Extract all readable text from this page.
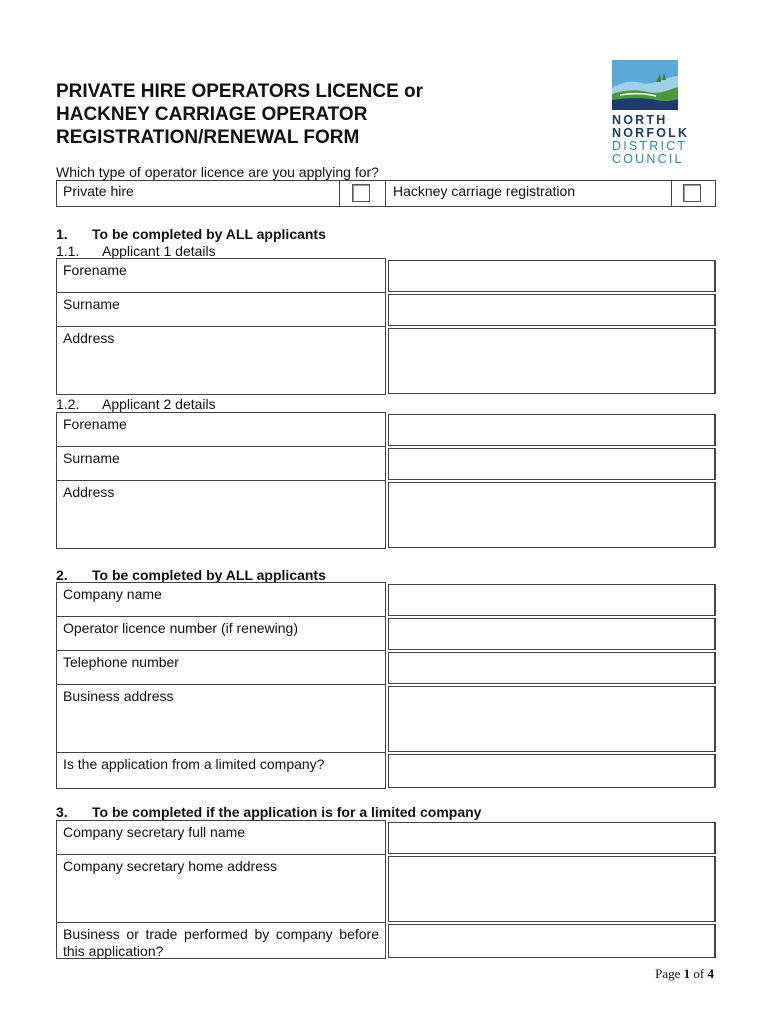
PRIVATE HIRE OPERATORS LICENCE or
HACKNEY CARRIAGE OPERATOR
REGISTRATION/RENEWAL FORM
NORTH
NORFOLK
DISTRICT
COUNCIL
Which type of operator licence are you applying for?
Private hire	Hackney carriage registration
1. To be completed by ALL applicants
1.1. Applicant 1 details
Forename
Surname
Address
1.2. Applicant 2 details
Forename
Surname
Address
2. To be completed by ALL applicants
Company name
Operator licence number (if renewing)
Telephone number
Business address
Is the application from a limited company?
3. To be completed if the application is for a limited company
Company secretary full name
Company secretary home address
Business or trade performed by company before this application?
Page 1 of 4
